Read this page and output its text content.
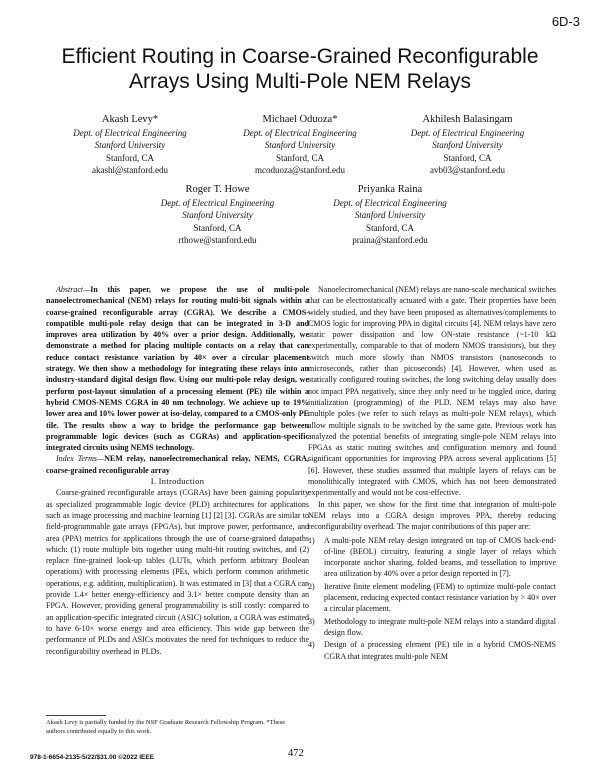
6D-3
Efficient Routing in Coarse-Grained Reconfigurable
Arrays Using Multi-Pole NEM Relays
Akash Levy*
Dept. of Electrical Engineering
Stanford University
Stanford, CA
akashl@stanford.edu
Michael Oduoza*
Dept. of Electrical Engineering
Stanford University
Stanford, CA
mcoduoza@stanford.edu
Akhilesh Balasingam
Dept. of Electrical Engineering
Stanford University
Stanford, CA
avb03@stanford.edu
Roger T. Howe
Dept. of Electrical Engineering
Stanford University
Stanford, CA
rthowe@stanford.edu
Priyanka Raina
Dept. of Electrical Engineering
Stanford University
Stanford, CA
praina@stanford.edu

Abstract—In this paper, we propose the use of multi-pole nanoelectromechanical (NEM) relays for routing multi-bit signals within a coarse-grained reconfigurable array (CGRA). We describe a CMOS-compatible multi-pole relay design that can be integrated in 3-D and improves area utilization by 40% over a prior design. Additionally, we demonstrate a method for placing multiple contacts on a relay that can reduce contact resistance variation by 40× over a circular placement strategy. We then show a methodology for integrating these relays into an industry-standard digital design flow. Using our multi-pole relay design, we perform post-layout simulation of a processing element (PE) tile within a hybrid CMOS-NEMS CGRA in 40 nm technology. We achieve up to 19% lower area and 10% lower power at iso-delay, compared to a CMOS-only PE tile. The results show a way to bridge the performance gap between programmable logic devices (such as CGRAs) and application-specific integrated circuits using NEMS technology.

Index Terms—NEM relay, nanoelectromechanical relay, NEMS, CGRA, coarse-grained reconfigurable array

I. Introduction

Coarse-grained reconfigurable arrays (CGRAs) have been gaining popularity as specialized programmable logic device (PLD) architectures for applications such as image processing and machine learning [1] [2] [3]. CGRAs are similar to field-programmable gate arrays (FPGAs), but improve power, performance, and area (PPA) metrics for applications through the use of coarse-grained datapaths which: (1) route multiple bits together using multi-bit routing switches, and (2) replace fine-grained look-up tables (LUTs, which perform arbitrary Boolean operations) with processing elements (PEs, which perform common arithmetic operations, e.g. addition, multiplication). It was estimated in [3] that a CGRA can provide 1.4× better energy-efficiency and 3.1× better compute density than an FPGA. However, providing general programmability is still costly: compared to an application-specific integrated circuit (ASIC) solution, a CGRA was estimated to have 6-10× worse energy and area efficiency. This wide gap between the performance of PLDs and ASICs motivates the need for techniques to reduce the reconfigurability overhead in PLDs.

Akash Levy is partially funded by the NSF Graduate Research Fellowship Program. *These authors contributed equally to this work.

Nanoelectromechanical (NEM) relays are nano-scale mechanical switches that can be electrostatically actuated with a gate. Their properties have been widely studied, and they have been proposed as alternatives/complements to CMOS logic for improving PPA in digital circuits [4]. NEM relays have zero static power dissipation and low ON-state resistance (~1-10 kΩ experimentally, comparable to that of modern NMOS transistors), but they switch much more slowly than NMOS transistors (nanoseconds to microseconds, rather than picoseconds) [4]. However, when used as statically configured routing switches, the long switching delay usually does not impact PPA negatively, since they only need to be toggled once, during initialization (programming) of the PLD. NEM relays may also have multiple poles (we refer to such relays as multi-pole NEM relays), which allow multiple signals to be switched by the same gate. Previous work has analyzed the potential benefits of integrating single-pole NEM relays into FPGAs as static routing switches and configuration memory and found significant opportunities for improving PPA across several applications [5] [6]. However, these studies assumed that multiple layers of relays can be monolithically integrated with CMOS, which has not been demonstrated experimentally and would not be cost-effective.

In this paper, we show for the first time that integration of multi-pole NEM relays into a CGRA design improves PPA, thereby reducing reconfigurability overhead. The major contributions of this paper are:

1) A multi-pole NEM relay design integrated on top of CMOS back-end-of-line (BEOL) circuitry, featuring a single layer of relays which incorporate anchor sharing, folded beams, and tessellation to improve area utilization by 40% over a prior design reported in [7].
2) Iterative finite element modeling (FEM) to optimize multi-pole contact placement, reducing expected contact resistance variation by > 40× over a circular placement.
3) Methodology to integrate multi-pole NEM relays into a standard digital design flow.
4) Design of a processing element (PE) tile in a hybrid CMOS-NEMS CGRA that integrates multi-pole NEM
978-1-6654-2135-5/22/$31.00 ©2022 IEEE	472
